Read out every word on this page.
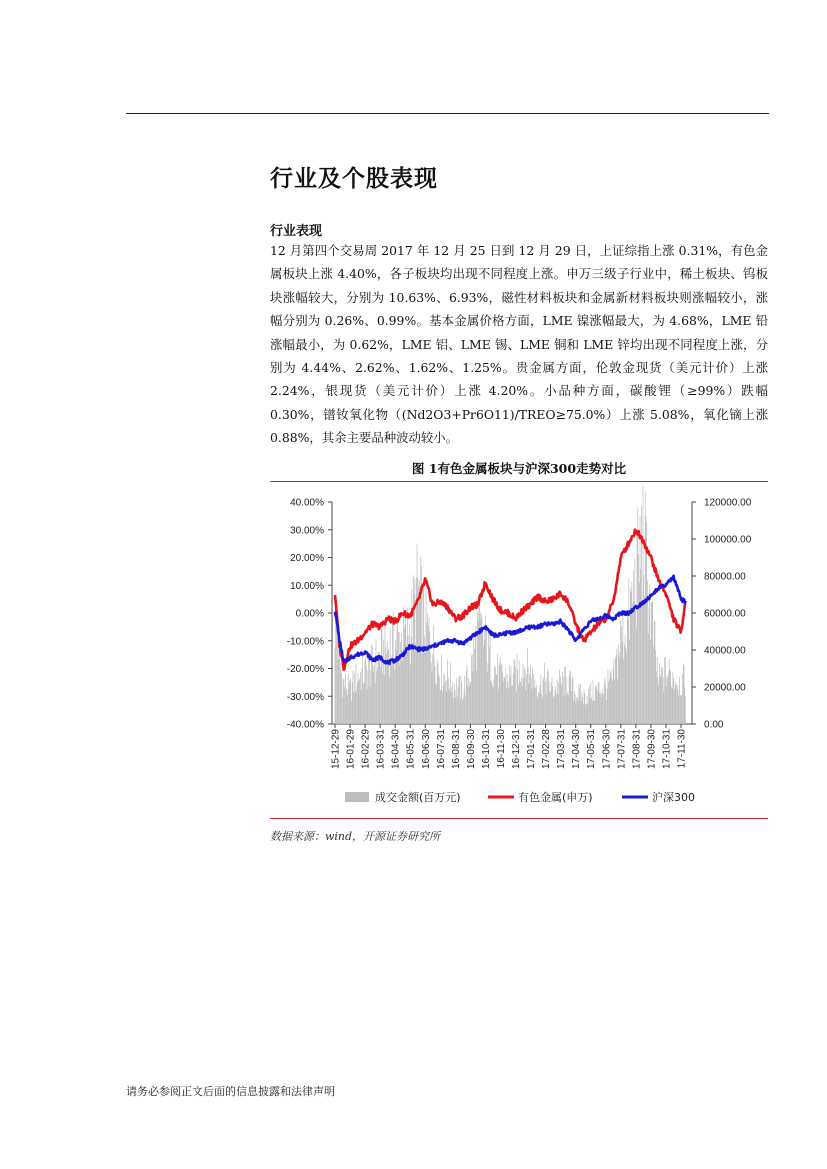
行业及个股表现
行业表现

12 月第四个交易周 2017 年 12 月 25 日到 12 月 29 日，上证综指上涨 0.31%，有色金属板块上涨 4.40%，各子板块均出现不同程度上涨。申万三级子行业中，稀土板块、钨板块涨幅较大，分别为 10.63%、6.93%，磁性材料板块和金属新材料板块则涨幅较小，涨幅分别为 0.26%、0.99%。基本金属价格方面，LME 镍涨幅最大，为 4.68%，LME 铅涨幅最小，为 0.62%，LME 铝、LME 锡、LME 铜和 LME 锌均出现不同程度上涨，分别为 4.44%、2.62%、1.62%、1.25%。贵金属方面，伦敦金现货（美元计价）上涨 2.24%，银现货（美元计价）上涨 4.20%。小品种方面，碳酸锂（≥99%）跌幅 0.30%，镨钕氧化物（(Nd2O3+Pr6O11)/TREO≥75.0%）上涨 5.08%，氧化镝上涨 0.88%，其余主要品种波动较小。

图 1有色金属板块与沪深300走势对比

40.00%
30.00%
20.00%
10.00%
0.00%
-10.00%
-20.00%
-30.00%
-40.00%
120000.00
100000.00
80000.00
60000.00
40000.00
20000.00
0.00
15-12-29 16-01-29 16-02-29 16-03-31 16-04-30 16-05-31 16-06-30 16-07-31 16-08-31 16-09-30 16-10-31 16-11-30 16-12-31 17-01-31 17-02-28 17-03-31 17-04-30 17-05-31 17-06-30 17-07-31 17-08-31 17-09-30 17-10-31 17-11-30
成交金额(百万元)	有色金属(申万)	沪深300

数据来源：wind，开源证券研究所

请务必参阅正文后面的信息披露和法律声明
